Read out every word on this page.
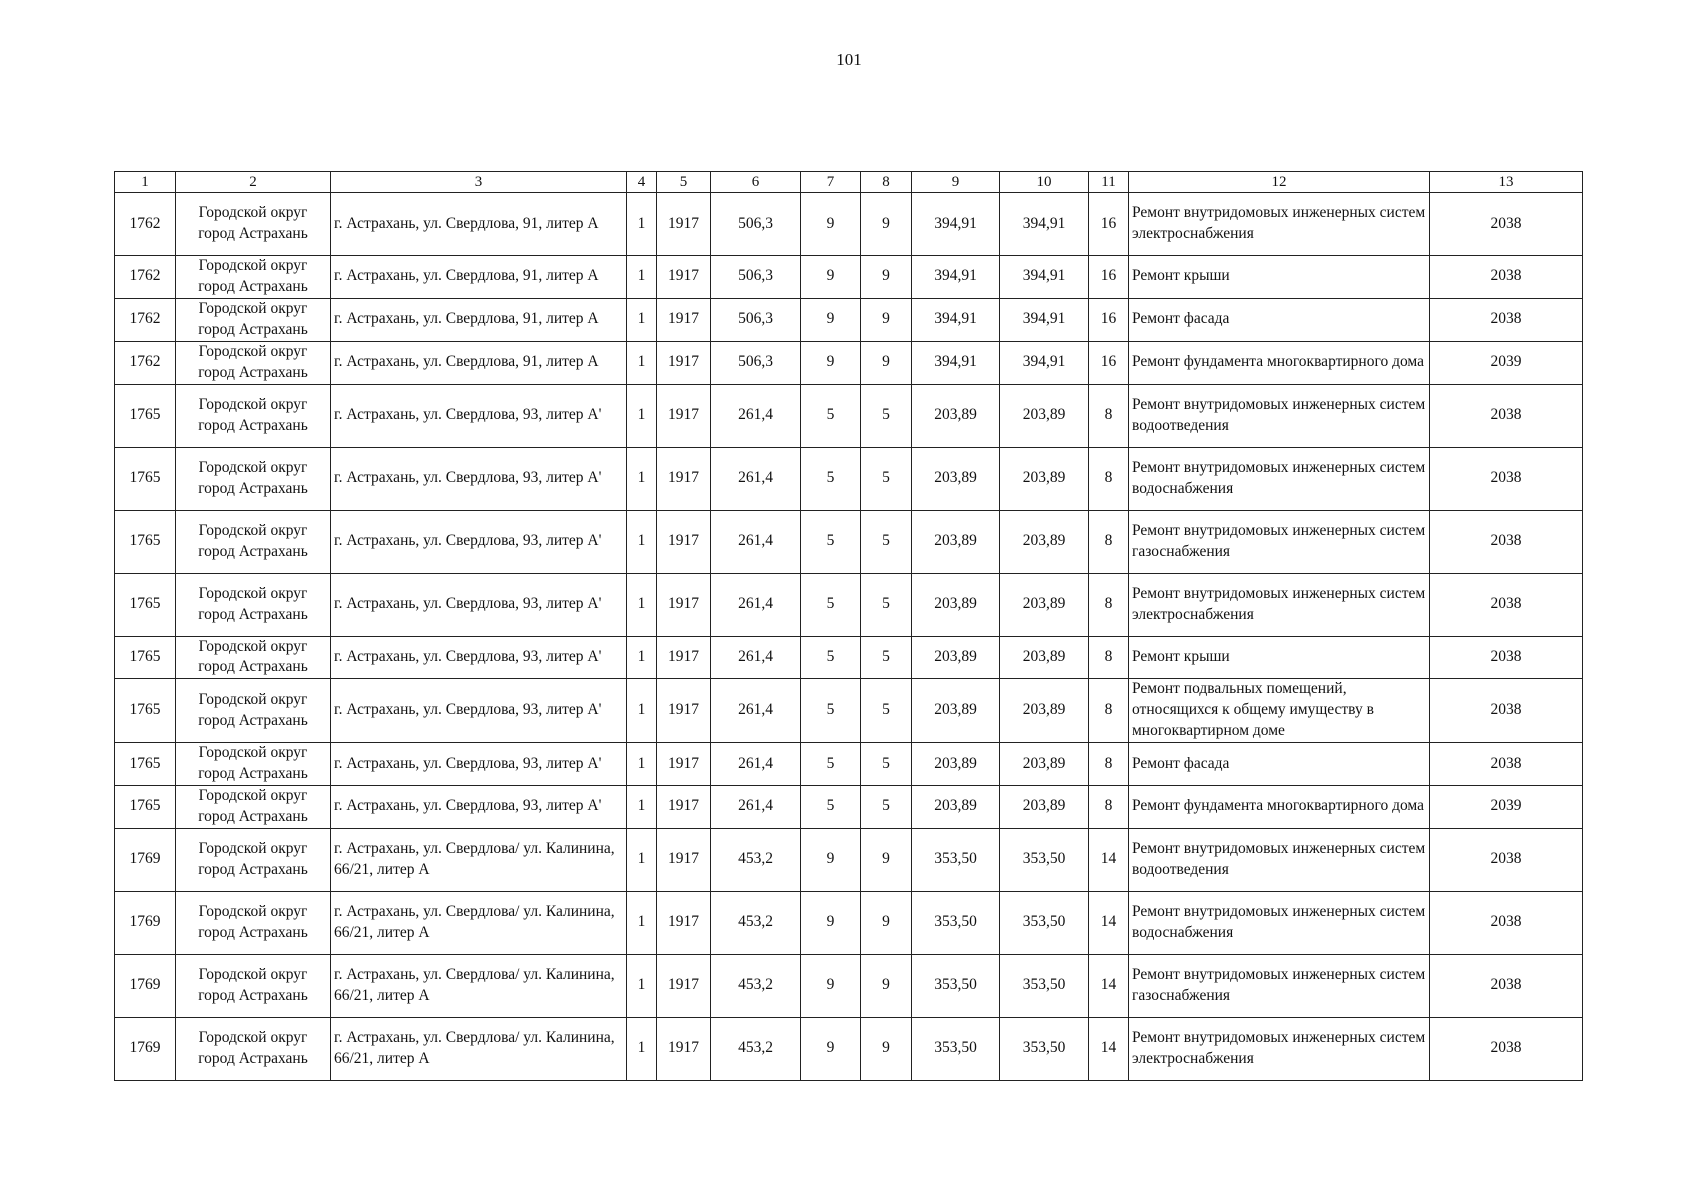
101
1	2	3	4	5	6	7	8	9	10	11	12	13
1762	Городской округ город Астрахань	г. Астрахань, ул. Свердлова, 91, литер А	1	1917	506,3	9	9	394,91	394,91	16	Ремонт внутридомовых инженерных систем электроснабжения	2038
1762	Городской округ город Астрахань	г. Астрахань, ул. Свердлова, 91, литер А	1	1917	506,3	9	9	394,91	394,91	16	Ремонт крыши	2038
1762	Городской округ город Астрахань	г. Астрахань, ул. Свердлова, 91, литер А	1	1917	506,3	9	9	394,91	394,91	16	Ремонт фасада	2038
1762	Городской округ город Астрахань	г. Астрахань, ул. Свердлова, 91, литер А	1	1917	506,3	9	9	394,91	394,91	16	Ремонт фундамента многоквартирного дома	2039
1765	Городской округ город Астрахань	г. Астрахань, ул. Свердлова, 93, литер А'	1	1917	261,4	5	5	203,89	203,89	8	Ремонт внутридомовых инженерных систем водоотведения	2038
1765	Городской округ город Астрахань	г. Астрахань, ул. Свердлова, 93, литер А'	1	1917	261,4	5	5	203,89	203,89	8	Ремонт внутридомовых инженерных систем водоснабжения	2038
1765	Городской округ город Астрахань	г. Астрахань, ул. Свердлова, 93, литер А'	1	1917	261,4	5	5	203,89	203,89	8	Ремонт внутридомовых инженерных систем газоснабжения	2038
1765	Городской округ город Астрахань	г. Астрахань, ул. Свердлова, 93, литер А'	1	1917	261,4	5	5	203,89	203,89	8	Ремонт внутридомовых инженерных систем электроснабжения	2038
1765	Городской округ город Астрахань	г. Астрахань, ул. Свердлова, 93, литер А'	1	1917	261,4	5	5	203,89	203,89	8	Ремонт крыши	2038
1765	Городской округ город Астрахань	г. Астрахань, ул. Свердлова, 93, литер А'	1	1917	261,4	5	5	203,89	203,89	8	Ремонт подвальных помещений, относящихся к общему имуществу в многоквартирном доме	2038
1765	Городской округ город Астрахань	г. Астрахань, ул. Свердлова, 93, литер А'	1	1917	261,4	5	5	203,89	203,89	8	Ремонт фасада	2038
1765	Городской округ город Астрахань	г. Астрахань, ул. Свердлова, 93, литер А'	1	1917	261,4	5	5	203,89	203,89	8	Ремонт фундамента многоквартирного дома	2039
1769	Городской округ город Астрахань	г. Астрахань, ул. Свердлова/ ул. Калинина, 66/21, литер А	1	1917	453,2	9	9	353,50	353,50	14	Ремонт внутридомовых инженерных систем водоотведения	2038
1769	Городской округ город Астрахань	г. Астрахань, ул. Свердлова/ ул. Калинина, 66/21, литер А	1	1917	453,2	9	9	353,50	353,50	14	Ремонт внутридомовых инженерных систем водоснабжения	2038
1769	Городской округ город Астрахань	г. Астрахань, ул. Свердлова/ ул. Калинина, 66/21, литер А	1	1917	453,2	9	9	353,50	353,50	14	Ремонт внутридомовых инженерных систем газоснабжения	2038
1769	Городской округ город Астрахань	г. Астрахань, ул. Свердлова/ ул. Калинина, 66/21, литер А	1	1917	453,2	9	9	353,50	353,50	14	Ремонт внутридомовых инженерных систем электроснабжения	2038
